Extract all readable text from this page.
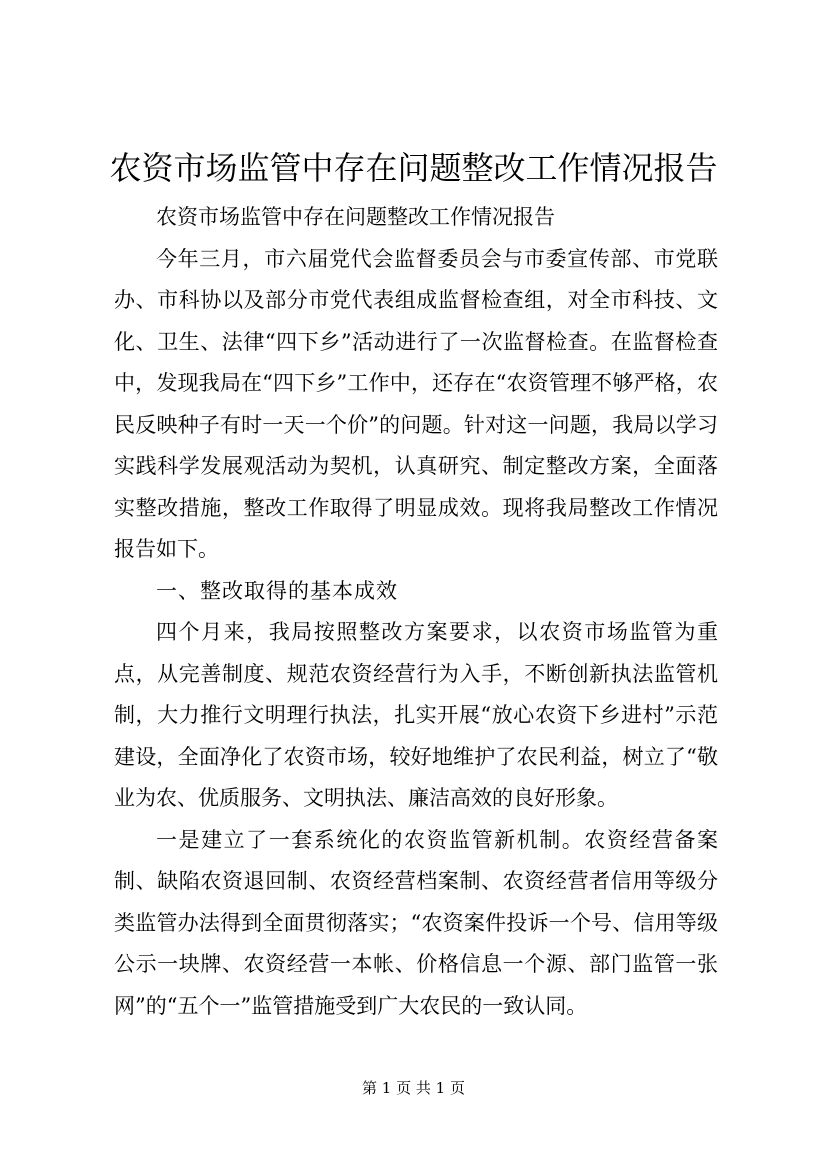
农资市场监管中存在问题整改工作情况报告

农资市场监管中存在问题整改工作情况报告

今年三月，市六届党代会监督委员会与市委宣传部、市党联办、市科协以及部分市党代表组成监督检查组，对全市科技、文化、卫生、法律“四下乡”活动进行了一次监督检查。在监督检查中，发现我局在“四下乡”工作中，还存在“农资管理不够严格，农民反映种子有时一天一个价”的问题。针对这一问题，我局以学习实践科学发展观活动为契机，认真研究、制定整改方案，全面落实整改措施，整改工作取得了明显成效。现将我局整改工作情况报告如下。

一、整改取得的基本成效

四个月来，我局按照整改方案要求，以农资市场监管为重点，从完善制度、规范农资经营行为入手，不断创新执法监管机制，大力推行文明理行执法，扎实开展“放心农资下乡进村”示范建设，全面净化了农资市场，较好地维护了农民利益，树立了“敬业为农、优质服务、文明执法、廉洁高效的良好形象。

一是建立了一套系统化的农资监管新机制。农资经营备案制、缺陷农资退回制、农资经营档案制、农资经营者信用等级分类监管办法得到全面贯彻落实；“农资案件投诉一个号、信用等级公示一块牌、农资经营一本帐、价格信息一个源、部门监管一张网”的“五个一”监管措施受到广大农民的一致认同。

第 1 页 共 1 页
